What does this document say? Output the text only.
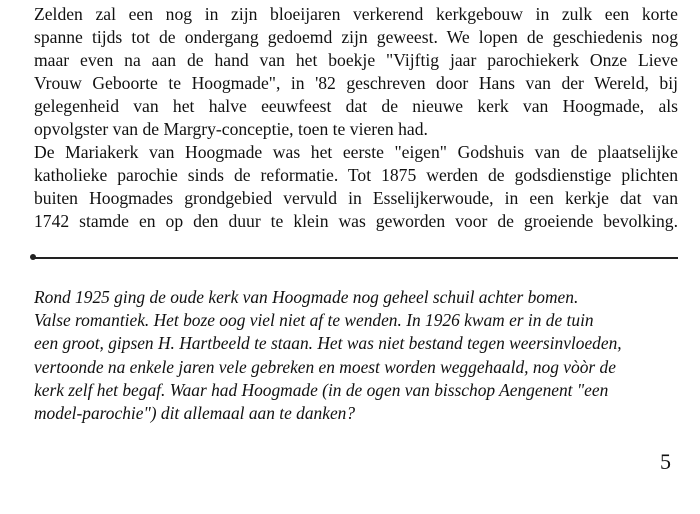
Zelden zal een nog in zijn bloeijaren verkerend kerkgebouw in zulk een korte
spanne tijds tot de ondergang gedoemd zijn geweest. We lopen de geschiedenis nog
maar even na aan de hand van het boekje "Vijftig jaar parochiekerk Onze Lieve
Vrouw Geboorte te Hoogmade", in '82 geschreven door Hans van der Wereld, bij
gelegenheid van het halve eeuwfeest dat de nieuwe kerk van Hoogmade, als
opvolgster van de Margry-conceptie, toen te vieren had.
De Mariakerk van Hoogmade was het eerste "eigen" Godshuis van de plaatselijke
katholieke parochie sinds de reformatie. Tot 1875 werden de godsdienstige plichten
buiten Hoogmades grondgebied vervuld in Esselijkerwoude, in een kerkje dat van
1742 stamde en op den duur te klein was geworden voor de groeiende bevolking.
Rond 1925 ging de oude kerk van Hoogmade nog geheel schuil achter bomen.
Valse romantiek. Het boze oog viel niet af te wenden. In 1926 kwam er in de tuin
een groot, gipsen H. Hartbeeld te staan. Het was niet bestand tegen weersinvloeden,
vertoonde na enkele jaren vele gebreken en moest worden weggehaald, nog vòòr de
kerk zelf het begaf. Waar had Hoogmade (in de ogen van bisschop Aengenent "een
model-parochie") dit allemaal aan te danken?
5
